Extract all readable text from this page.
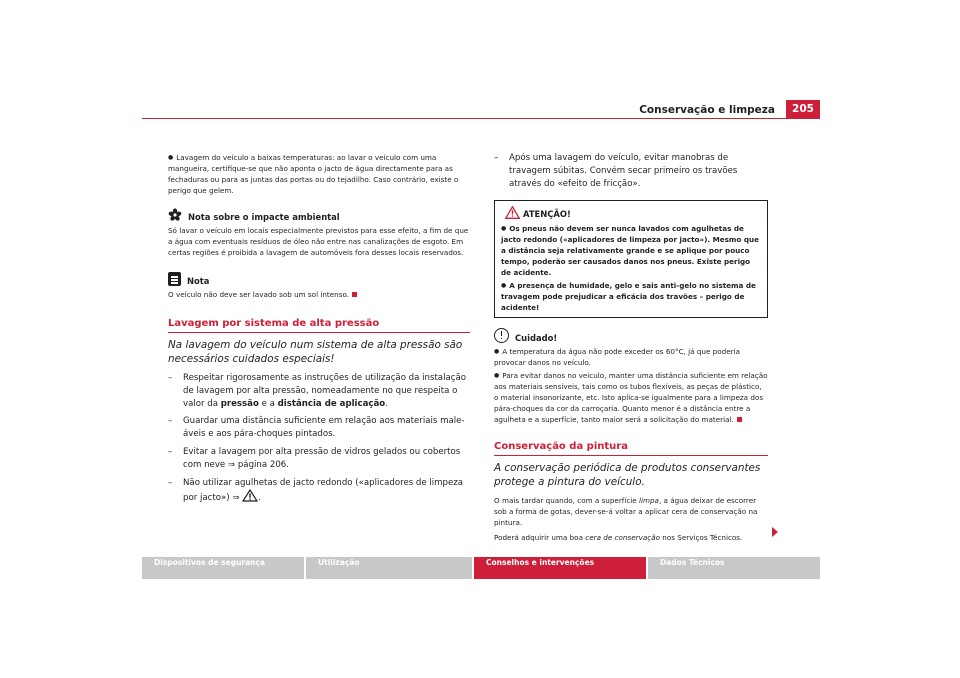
Conservação e limpeza	205

● Lavagem do veículo a baixas temperaturas: ao lavar o veículo com uma mangueira, certifique-se que não aponta o jacto de água directamente para as fechaduras ou para as juntas das portas ou do tejadilho. Caso contrário, existe o perigo que gelem.

Nota sobre o impacte ambiental

Só lavar o veículo em locais especialmente previstos para esse efeito, a fim de que a água com eventuais resíduos de óleo não entre nas canalizações de esgoto. Em certas regiões é proibida a lavagem de automóveis fora desses locais reservados.

Nota

O veículo não deve ser lavado sob um sol intenso.

Lavagem por sistema de alta pressão

Na lavagem do veículo num sistema de alta pressão são necessários cuidados especiais!

–	Respeitar rigorosamente as instruções de utilização da instalação de lavagem por alta pressão, nomeadamente no que respeita o valor da pressão e a distância de aplicação.

–	Guardar uma distância suficiente em relação aos materiais maleáveis e aos pára-choques pintados.

–	Evitar a lavagem por alta pressão de vidros gelados ou cobertos com neve ⇒ página 206.

–	Não utilizar agulhetas de jacto redondo («aplicadores de limpeza por jacto») ⇒ .

–	Após uma lavagem do veículo, evitar manobras de travagem súbitas. Convém secar primeiro os travões através do «efeito de fricção».

ATENÇÃO!

● Os pneus não devem ser nunca lavados com agulhetas de jacto redondo («aplicadores de limpeza por jacto»). Mesmo que a distância seja relativamente grande e se aplique por pouco tempo, poderão ser causados danos nos pneus. Existe perigo de acidente.

● A presença de humidade, gelo e sais anti-gelo no sistema de travagem pode prejudicar a eficácia dos travões – perigo de acidente!

Cuidado!

● A temperatura da água não pode exceder os 60°C, já que poderia provocar danos no veículo.

● Para evitar danos no veículo, manter uma distância suficiente em relação aos materiais sensíveis, tais como os tubos flexíveis, as peças de plástico, o material insonorizante, etc. Isto aplica-se igualmente para a limpeza dos pára-choques da cor da carroçaria. Quanto menor é a distância entre a agulheta e a superfície, tanto maior será a solicitação do material.

Conservação da pintura

A conservação periódica de produtos conservantes protege a pintura do veículo.

O mais tardar quando, com a superfície limpa, a água deixar de escorrer sob a forma de gotas, dever-se-á voltar a aplicar cera de conservação na pintura.

Poderá adquirir uma boa cera de conservação nos Serviços Técnicos.

Dispositivos de segurança	Utilização	Conselhos e intervenções	Dados Técnicos
